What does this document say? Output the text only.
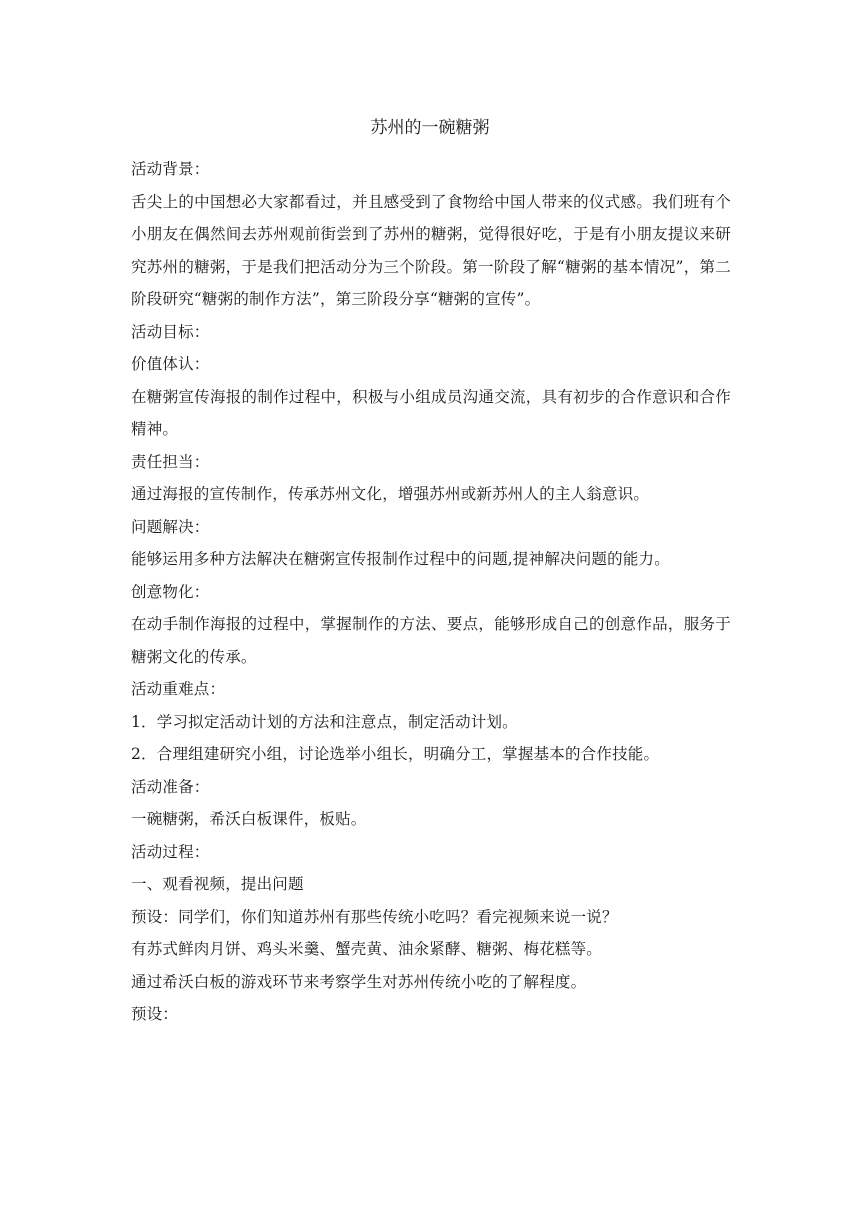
苏州的一碗糖粥

活动背景：

舌尖上的中国想必大家都看过，并且感受到了食物给中国人带来的仪式感。我们班有个小朋友在偶然间去苏州观前街尝到了苏州的糖粥，觉得很好吃，于是有小朋友提议来研究苏州的糖粥，于是我们把活动分为三个阶段。第一阶段了解“糖粥的基本情况”，第二阶段研究“糖粥的制作方法”，第三阶段分享“糖粥的宣传”。

活动目标：

价值体认：

在糖粥宣传海报的制作过程中，积极与小组成员沟通交流，具有初步的合作意识和合作精神。

责任担当：

通过海报的宣传制作，传承苏州文化，增强苏州或新苏州人的主人翁意识。

问题解决：

能够运用多种方法解决在糖粥宣传报制作过程中的问题,提神解决问题的能力。

创意物化：

在动手制作海报的过程中，掌握制作的方法、要点，能够形成自己的创意作品，服务于糖粥文化的传承。

活动重难点：

1．学习拟定活动计划的方法和注意点，制定活动计划。

2．合理组建研究小组，讨论选举小组长，明确分工，掌握基本的合作技能。

活动准备：

一碗糖粥，希沃白板课件，板贴。

活动过程：

一、观看视频，提出问题

预设：同学们，你们知道苏州有那些传统小吃吗？看完视频来说一说？

有苏式鲜肉月饼、鸡头米羹、蟹壳黄、油氽紧酵、糖粥、梅花糕等。

通过希沃白板的游戏环节来考察学生对苏州传统小吃的了解程度。

预设：
